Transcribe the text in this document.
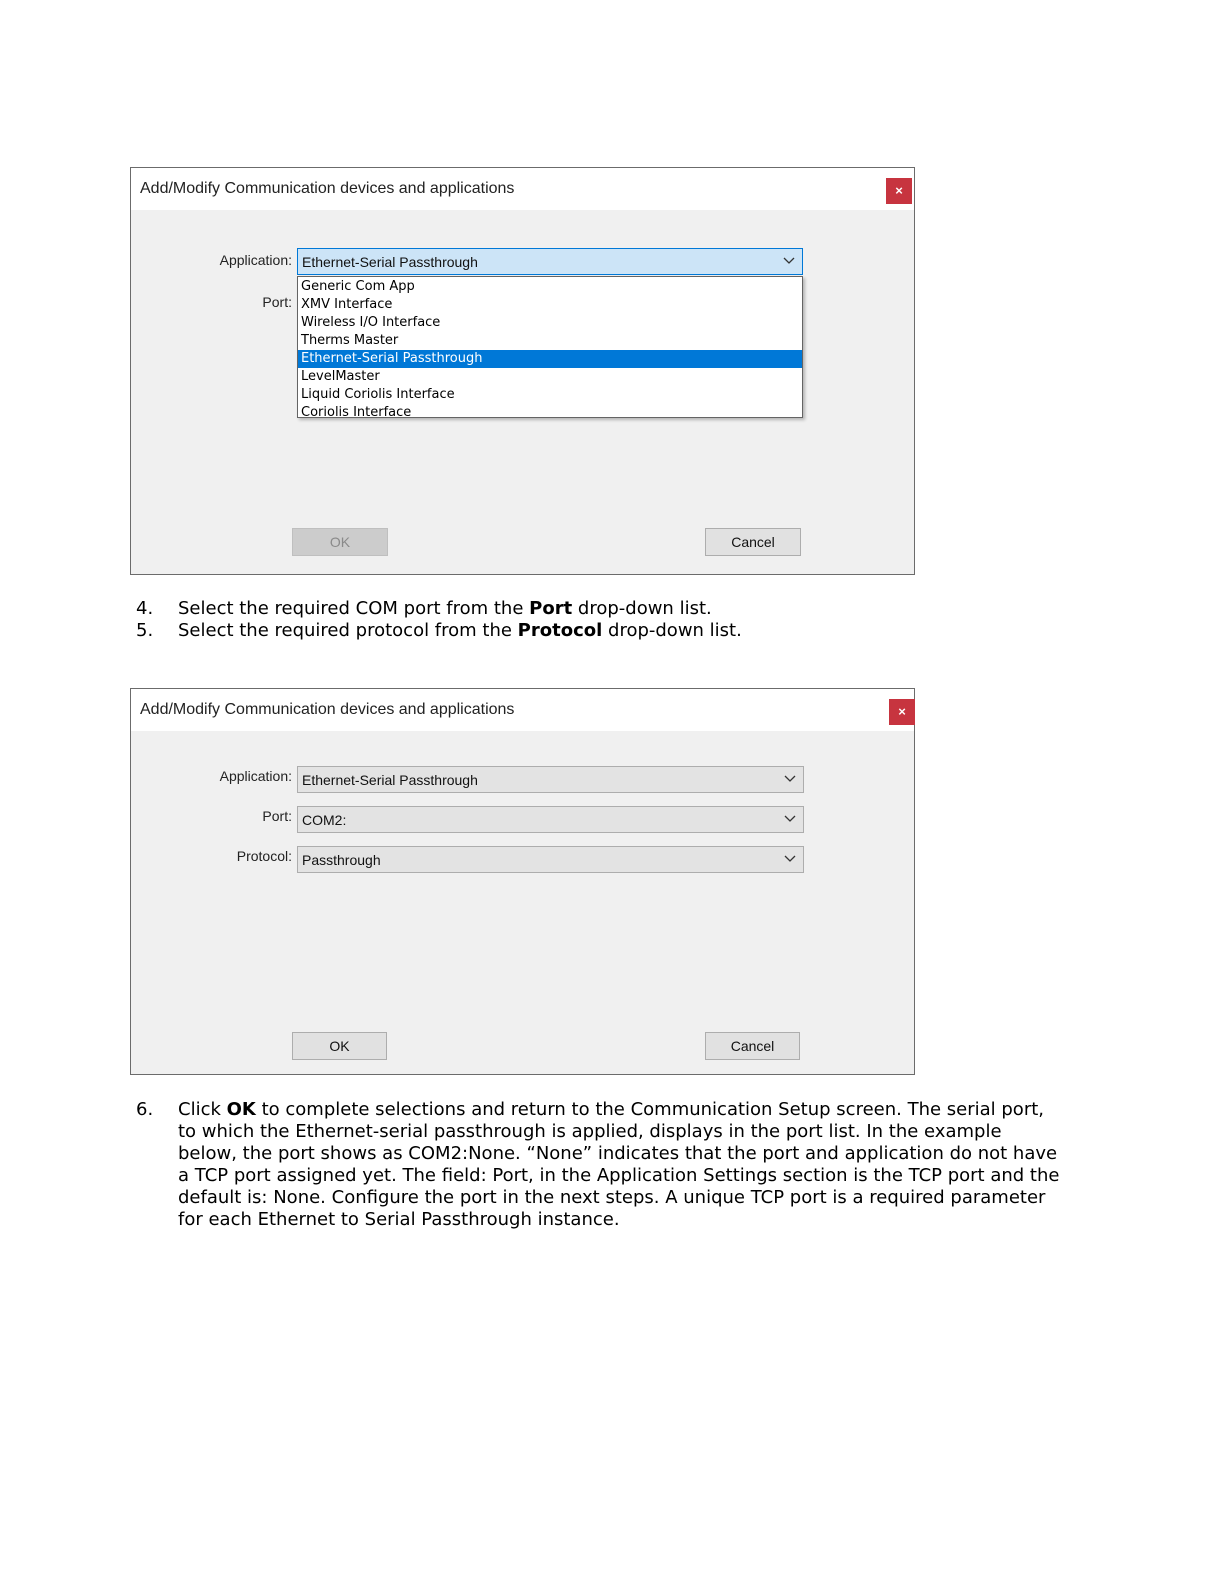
Add/Modify Communication devices and applications	×
Application: Ethernet-Serial Passthrough
Port:
Generic Com App
XMV Interface
Wireless I/O Interface
Therms Master
Ethernet-Serial Passthrough
LevelMaster
Liquid Coriolis Interface
Coriolis Interface
OK	Cancel
4. Select the required COM port from the Port drop-down list.
5. Select the required protocol from the Protocol drop-down list.
Add/Modify Communication devices and applications	×
Application: Ethernet-Serial Passthrough
Port: COM2:
Protocol: Passthrough
OK	Cancel
6. Click OK to complete selections and return to the Communication Setup screen. The serial port, to which the Ethernet-serial passthrough is applied, displays in the port list. In the example below, the port shows as COM2:None. “None” indicates that the port and application do not have a TCP port assigned yet. The field: Port, in the Application Settings section is the TCP port and the default is: None. Configure the port in the next steps. A unique TCP port is a required parameter for each Ethernet to Serial Passthrough instance.
